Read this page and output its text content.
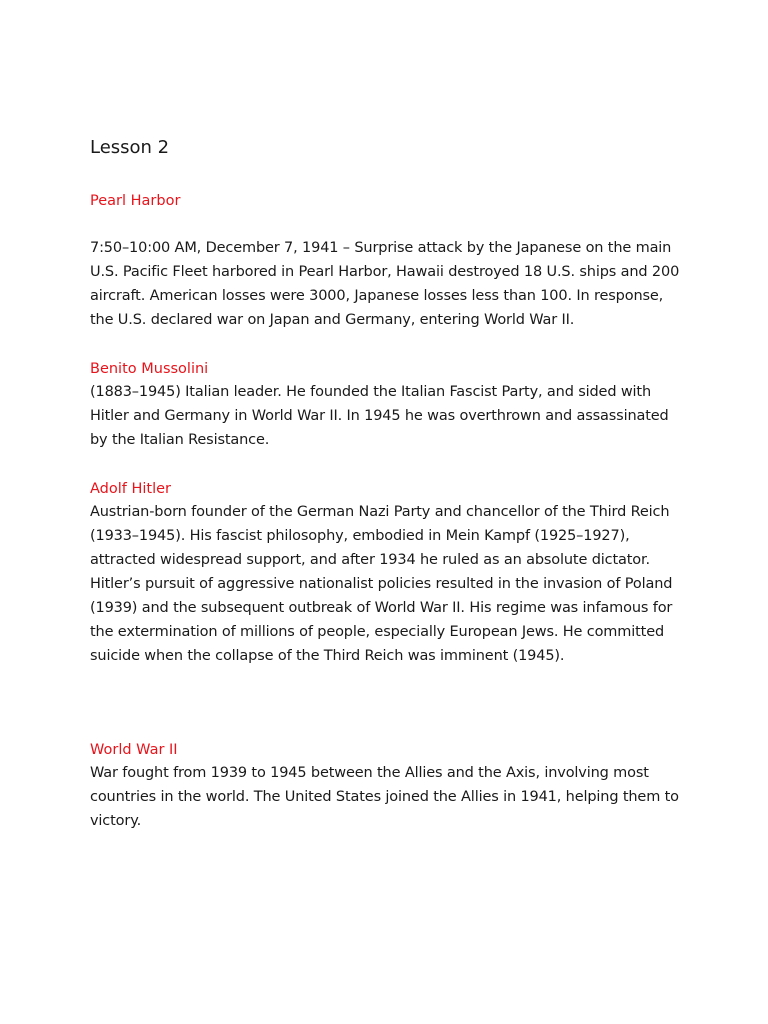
Lesson 2
Pearl Harbor

7:50–10:00 AM, December 7, 1941 – Surprise attack by the Japanese on the main U.S. Pacific Fleet harbored in Pearl Harbor, Hawaii destroyed 18 U.S. ships and 200 aircraft. American losses were 3000, Japanese losses less than 100. In response, the U.S. declared war on Japan and Germany, entering World War II.

Benito Mussolini

(1883–1945) Italian leader. He founded the Italian Fascist Party, and sided with Hitler and Germany in World War II. In 1945 he was overthrown and assassinated by the Italian Resistance.

Adolf Hitler

Austrian-born founder of the German Nazi Party and chancellor of the Third Reich (1933–1945). His fascist philosophy, embodied in Mein Kampf (1925–1927), attracted widespread support, and after 1934 he ruled as an absolute dictator. Hitler’s pursuit of aggressive nationalist policies resulted in the invasion of Poland (1939) and the subsequent outbreak of World War II. His regime was infamous for the extermination of millions of people, especially European Jews. He committed suicide when the collapse of the Third Reich was imminent (1945).

World War II

War fought from 1939 to 1945 between the Allies and the Axis, involving most countries in the world. The United States joined the Allies in 1941, helping them to victory.
